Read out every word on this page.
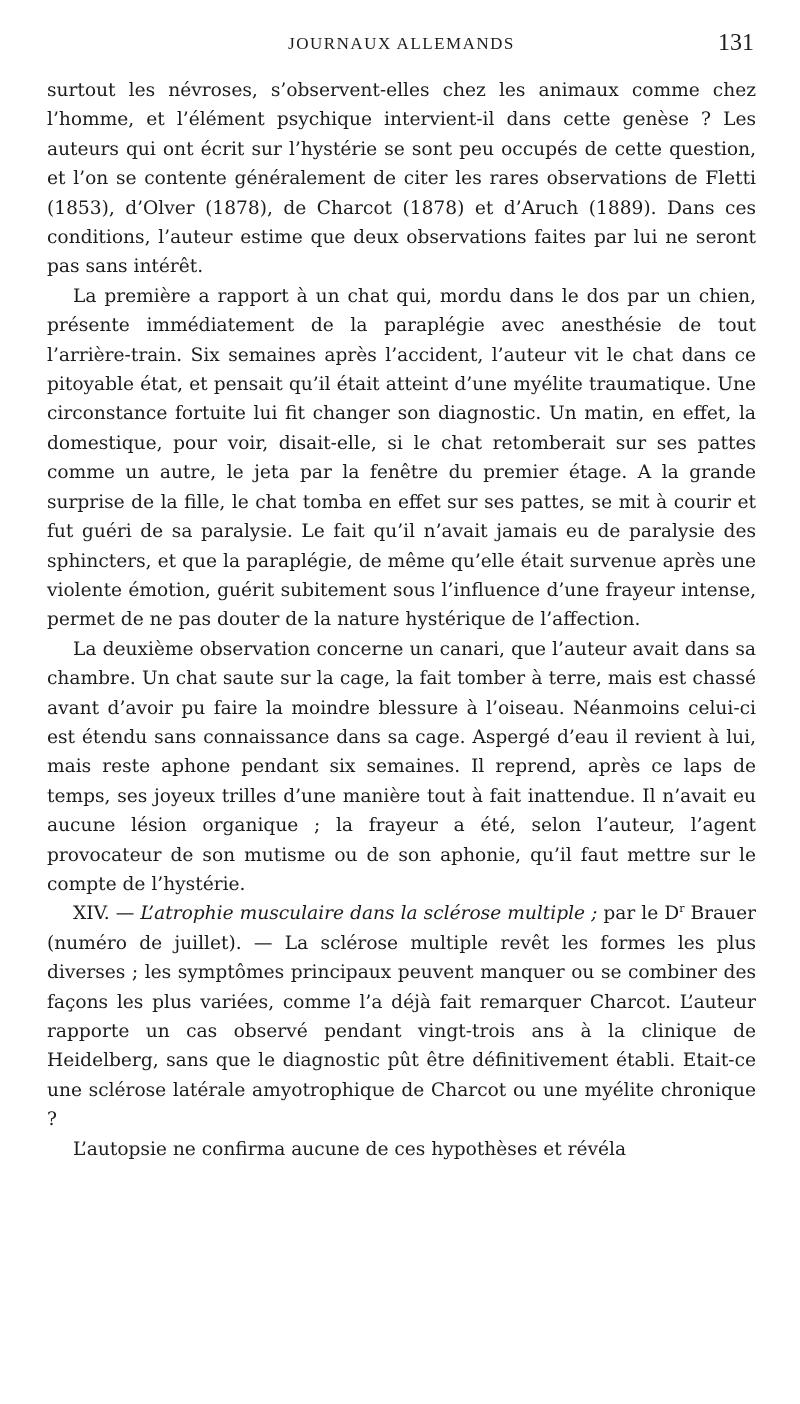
JOURNAUX ALLEMANDS	131

surtout les névroses, s’observent-elles chez les animaux comme chez l’homme, et l’élément psychique intervient-il dans cette genèse ? Les auteurs qui ont écrit sur l’hystérie se sont peu occupés de cette question, et l’on se contente généralement de citer les rares observations de Fletti (1853), d’Olver (1878), de Charcot (1878) et d’Aruch (1889). Dans ces conditions, l’auteur estime que deux observations faites par lui ne seront pas sans intérêt.

La première a rapport à un chat qui, mordu dans le dos par un chien, présente immédiatement de la paraplégie avec anesthésie de tout l’arrière-train. Six semaines après l’accident, l’auteur vit le chat dans ce pitoyable état, et pensait qu’il était atteint d’une myélite traumatique. Une circonstance fortuite lui fit changer son diagnostic. Un matin, en effet, la domestique, pour voir, disait-elle, si le chat retomberait sur ses pattes comme un autre, le jeta par la fenêtre du premier étage. A la grande surprise de la fille, le chat tomba en effet sur ses pattes, se mit à courir et fut guéri de sa paralysie. Le fait qu’il n’avait jamais eu de paralysie des sphincters, et que la paraplégie, de même qu’elle était survenue après une violente émotion, guérit subitement sous l’influence d’une frayeur intense, permet de ne pas douter de la nature hystérique de l’affection.

La deuxième observation concerne un canari, que l’auteur avait dans sa chambre. Un chat saute sur la cage, la fait tomber à terre, mais est chassé avant d’avoir pu faire la moindre blessure à l’oiseau. Néanmoins celui-ci est étendu sans connaissance dans sa cage. Aspergé d’eau il revient à lui, mais reste aphone pendant six semaines. Il reprend, après ce laps de temps, ses joyeux trilles d’une manière tout à fait inattendue. Il n’avait eu aucune lésion organique ; la frayeur a été, selon l’auteur, l’agent provocateur de son mutisme ou de son aphonie, qu’il faut mettre sur le compte de l’hystérie.

XIV. — L’atrophie musculaire dans la sclérose multiple ; par le $D^r$ Brauer (numéro de juillet). — La sclérose multiple revêt les formes les plus diverses ; les symptômes principaux peuvent manquer ou se combiner des façons les plus variées, comme l’a déjà fait remarquer Charcot. L’auteur rapporte un cas observé pendant vingt-trois ans à la clinique de Heidelberg, sans que le diagnostic pût être définitivement établi. Etait-ce une sclérose latérale amyotrophique de Charcot ou une myélite chronique ?

L’autopsie ne confirma aucune de ces hypothèses et révéla
